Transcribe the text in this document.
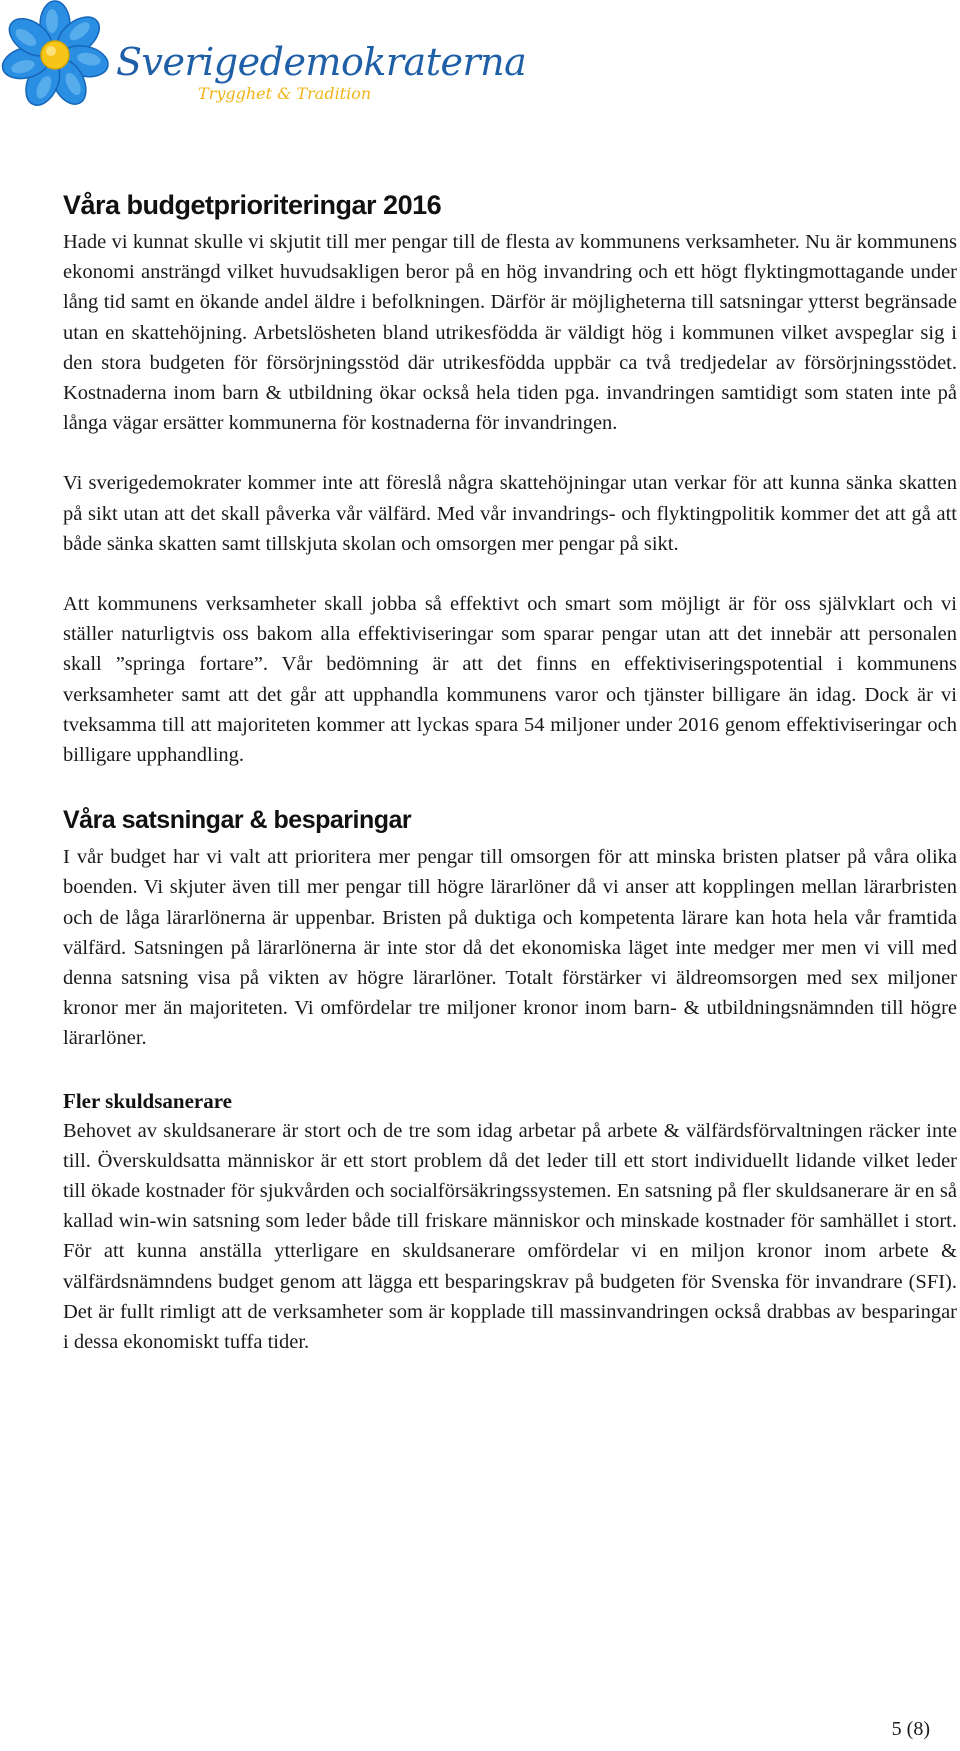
Sverigedemokraterna
Trygghet & Tradition
Våra budgetprioriteringar 2016

Hade vi kunnat skulle vi skjutit till mer pengar till de flesta av kommunens verksamheter. Nu är kommunens ekonomi ansträngd vilket huvudsakligen beror på en hög invandring och ett högt flyktingmottagande under lång tid samt en ökande andel äldre i befolkningen. Därför är möjligheterna till satsningar ytterst begränsade utan en skattehöjning. Arbetslösheten bland utrikesfödda är väldigt hög i kommunen vilket avspeglar sig i den stora budgeten för försörjningsstöd där utrikesfödda uppbär ca två tredjedelar av försörjningsstödet. Kostnaderna inom barn & utbildning ökar också hela tiden pga. invandringen samtidigt som staten inte på långa vägar ersätter kommunerna för kostnaderna för invandringen.

Vi sverigedemokrater kommer inte att föreslå några skattehöjningar utan verkar för att kunna sänka skatten på sikt utan att det skall påverka vår välfärd. Med vår invandrings- och flyktingpolitik kommer det att gå att både sänka skatten samt tillskjuta skolan och omsorgen mer pengar på sikt.

Att kommunens verksamheter skall jobba så effektivt och smart som möjligt är för oss självklart och vi ställer naturligtvis oss bakom alla effektiviseringar som sparar pengar utan att det innebär att personalen skall ”springa fortare”. Vår bedömning är att det finns en effektiviseringspotential i kommunens verksamheter samt att det går att upphandla kommunens varor och tjänster billigare än idag. Dock är vi tveksamma till att majoriteten kommer att lyckas spara 54 miljoner under 2016 genom effektiviseringar och billigare upphandling.

Våra satsningar & besparingar

I vår budget har vi valt att prioritera mer pengar till omsorgen för att minska bristen platser på våra olika boenden. Vi skjuter även till mer pengar till högre lärarlöner då vi anser att kopplingen mellan lärarbristen och de låga lärarlönerna är uppenbar. Bristen på duktiga och kompetenta lärare kan hota hela vår framtida välfärd. Satsningen på lärarlönerna är inte stor då det ekonomiska läget inte medger mer men vi vill med denna satsning visa på vikten av högre lärarlöner. Totalt förstärker vi äldreomsorgen med sex miljoner kronor mer än majoriteten. Vi omfördelar tre miljoner kronor inom barn- & utbildningsnämnden till högre lärarlöner.

Fler skuldsanerare

Behovet av skuldsanerare är stort och de tre som idag arbetar på arbete & välfärdsförvaltningen räcker inte till. Överskuldsatta människor är ett stort problem då det leder till ett stort individuellt lidande vilket leder till ökade kostnader för sjukvården och socialförsäkringssystemen. En satsning på fler skuldsanerare är en så kallad win-win satsning som leder både till friskare människor och minskade kostnader för samhället i stort. För att kunna anställa ytterligare en skuldsanerare omfördelar vi en miljon kronor inom arbete & välfärdsnämndens budget genom att lägga ett besparingskrav på budgeten för Svenska för invandrare (SFI). Det är fullt rimligt att de verksamheter som är kopplade till massinvandringen också drabbas av besparingar i dessa ekonomiskt tuffa tider.

5 (8)
